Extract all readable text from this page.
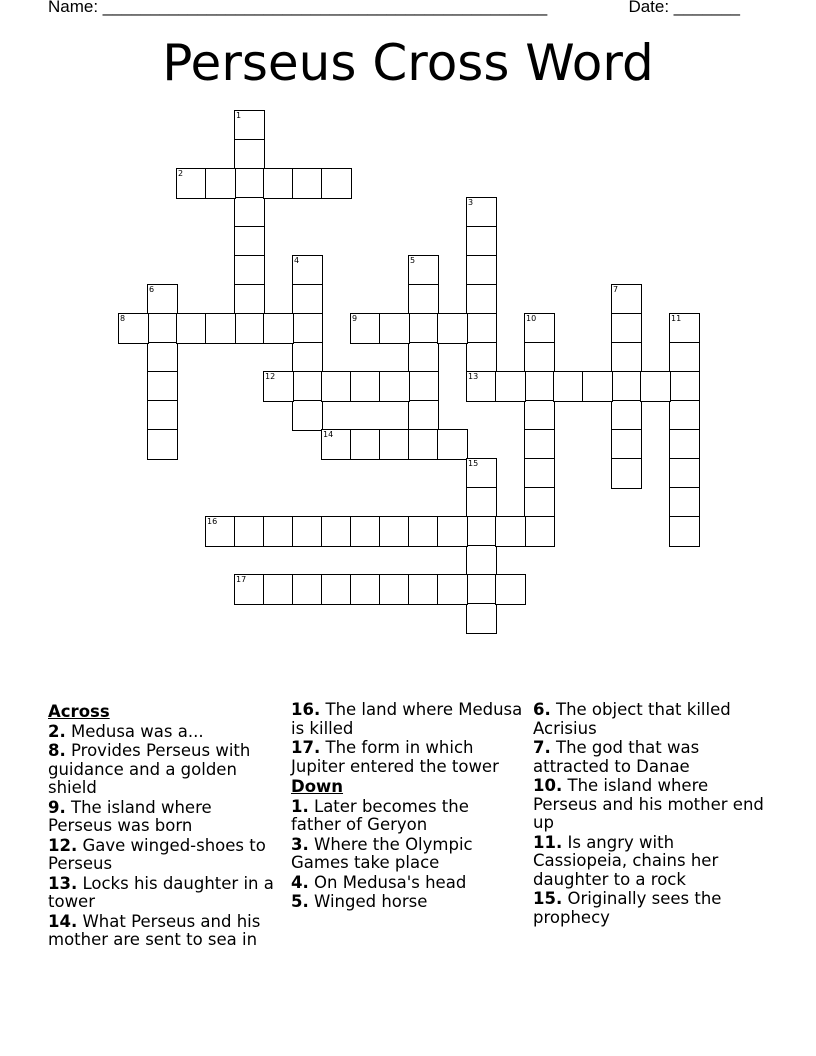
Name: _______________________________________________	Date: _______
Perseus Cross Word
1
2
3
13
4	5
6	7
8	9	10	11
12
14
15
16
17
Across
2. Medusa was a...
8. Provides Perseus with guidance and a golden shield
9. The island where Perseus was born
12. Gave winged-shoes to Perseus
13. Locks his daughter in a tower
14. What Perseus and his mother are sent to sea in
16. The land where Medusa is killed
17. The form in which Jupiter entered the tower
Down
1. Later becomes the father of Geryon
3. Where the Olympic Games take place
4. On Medusa's head
5. Winged horse
6. The object that killed Acrisius
7. The god that was attracted to Danae
10. The island where Perseus and his mother end up
11. Is angry with Cassiopeia, chains her daughter to a rock
15. Originally sees the prophecy
